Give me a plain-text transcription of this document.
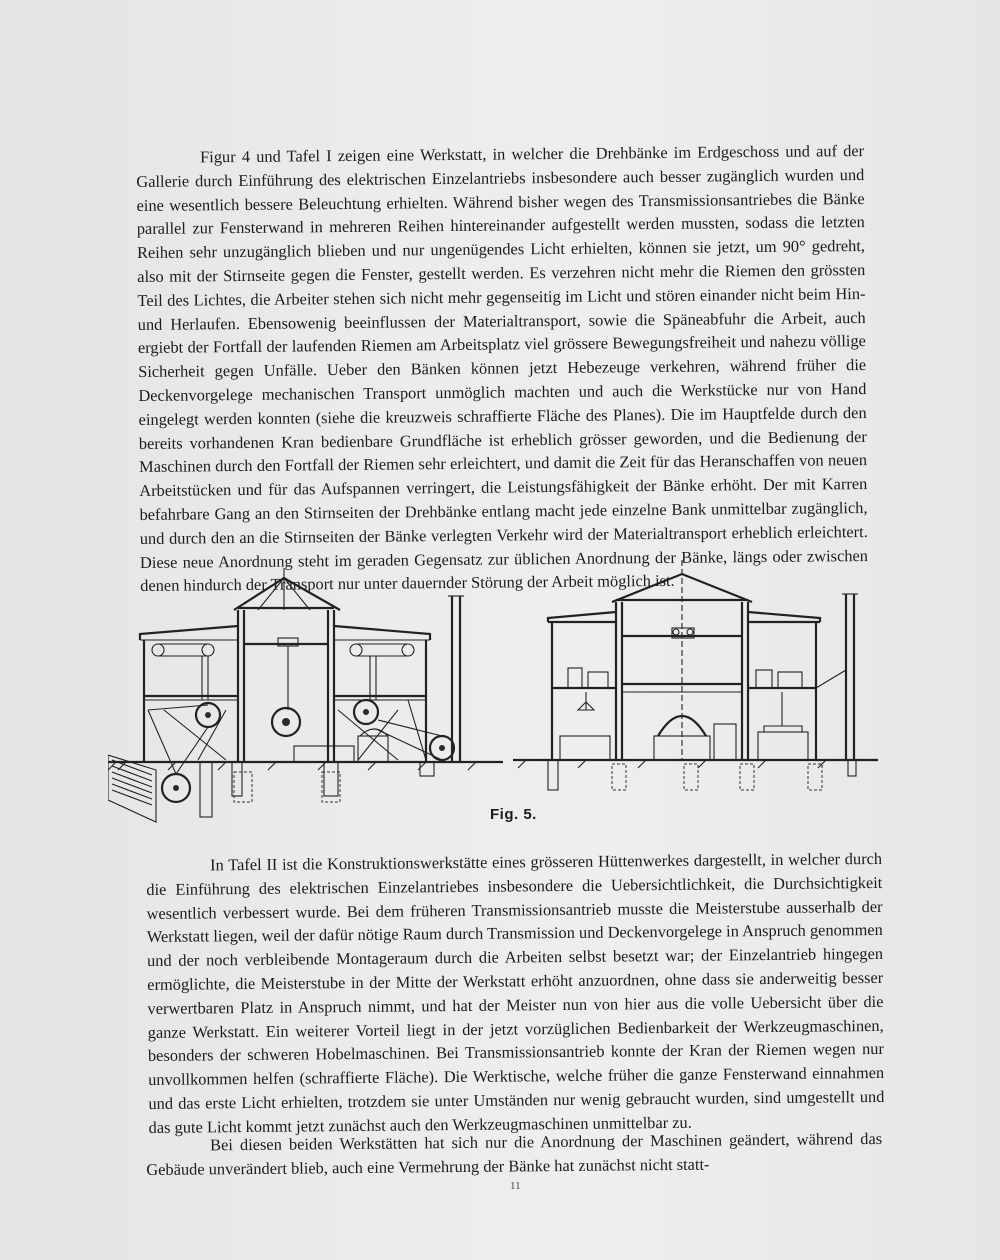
Figur 4 und Tafel I zeigen eine Werkstatt, in welcher die Drehbänke im Erdgeschoss und auf der Gallerie durch Einführung des elektrischen Einzelantriebs insbesondere auch besser zugänglich wurden und eine wesentlich bessere Beleuchtung erhielten. Während bisher wegen des Transmissionsantriebes die Bänke parallel zur Fensterwand in mehreren Reihen hintereinander aufgestellt werden mussten, sodass die letzten Reihen sehr unzugänglich blieben und nur ungenügendes Licht erhielten, können sie jetzt, um 90° gedreht, also mit der Stirnseite gegen die Fenster, gestellt werden. Es verzehren nicht mehr die Riemen den grössten Teil des Lichtes, die Arbeiter stehen sich nicht mehr gegenseitig im Licht und stören einander nicht beim Hin- und Herlaufen. Ebensowenig beeinflussen der Materialtransport, sowie die Späneabfuhr die Arbeit, auch ergiebt der Fortfall der laufenden Riemen am Arbeitsplatz viel grössere Bewegungsfreiheit und nahezu völlige Sicherheit gegen Unfälle. Ueber den Bänken können jetzt Hebezeuge verkehren, während früher die Deckenvorgelege mechanischen Transport unmöglich machten und auch die Werkstücke nur von Hand eingelegt werden konnten (siehe die kreuzweis schraffierte Fläche des Planes). Die im Hauptfelde durch den bereits vorhandenen Kran bedienbare Grundfläche ist erheblich grösser geworden, und die Bedienung der Maschinen durch den Fortfall der Riemen sehr erleichtert, und damit die Zeit für das Heranschaffen von neuen Arbeitstücken und für das Aufspannen verringert, die Leistungsfähigkeit der Bänke erhöht. Der mit Karren befahrbare Gang an den Stirnseiten der Drehbänke entlang macht jede einzelne Bank unmittelbar zugänglich, und durch den an die Stirnseiten der Bänke verlegten Verkehr wird der Materialtransport erheblich erleichtert. Diese neue Anordnung steht im geraden Gegensatz zur üblichen Anordnung der Bänke, längs oder zwischen denen hindurch der Transport nur unter dauernder Störung der Arbeit möglich ist.

Fig. 5.

In Tafel II ist die Konstruktionswerkstätte eines grösseren Hüttenwerkes dargestellt, in welcher durch die Einführung des elektrischen Einzelantriebes insbesondere die Uebersichtlichkeit, die Durchsichtigkeit wesentlich verbessert wurde. Bei dem früheren Transmissionsantrieb musste die Meisterstube ausserhalb der Werkstatt liegen, weil der dafür nötige Raum durch Transmission und Deckenvorgelege in Anspruch genommen und der noch verbleibende Montageraum durch die Arbeiten selbst besetzt war; der Einzelantrieb hingegen ermöglichte, die Meisterstube in der Mitte der Werkstatt erhöht anzuordnen, ohne dass sie anderweitig besser verwertbaren Platz in Anspruch nimmt, und hat der Meister nun von hier aus die volle Uebersicht über die ganze Werkstatt. Ein weiterer Vorteil liegt in der jetzt vorzüglichen Bedienbarkeit der Werkzeugmaschinen, besonders der schweren Hobelmaschinen. Bei Transmissionsantrieb konnte der Kran der Riemen wegen nur unvollkommen helfen (schraffierte Fläche). Die Werktische, welche früher die ganze Fensterwand einnahmen und das erste Licht erhielten, trotzdem sie unter Umständen nur wenig gebraucht wurden, sind umgestellt und das gute Licht kommt jetzt zunächst auch den Werkzeugmaschinen unmittelbar zu.

Bei diesen beiden Werkstätten hat sich nur die Anordnung der Maschinen geändert, während das Gebäude unverändert blieb, auch eine Vermehrung der Bänke hat zunächst nicht statt-

11
